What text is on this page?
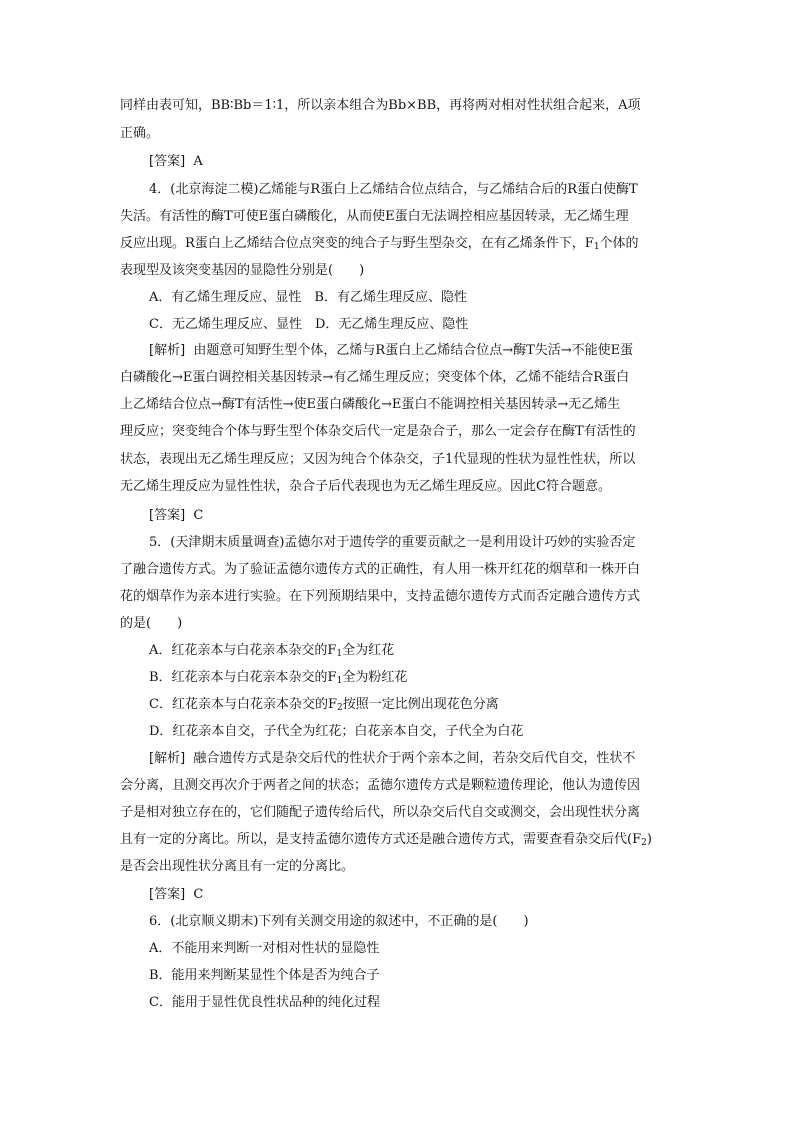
同样由表可知，BB∶Bb＝1∶1，所以亲本组合为Bb×BB，再将两对相对性状组合起来，A项
正确。
[答案] A
4．(北京海淀二模)乙烯能与R蛋白上乙烯结合位点结合，与乙烯结合后的R蛋白使酶T
失活。有活性的酶T可使E蛋白磷酸化，从而使E蛋白无法调控相应基因转录，无乙烯生理
反应出现。R蛋白上乙烯结合位点突变的纯合子与野生型杂交，在有乙烯条件下，$F_1$个体的
表现型及该突变基因的显隐性分别是(　　)
A．有乙烯生理反应、显性　B．有乙烯生理反应、隐性
C．无乙烯生理反应、显性　D．无乙烯生理反应、隐性
[解析] 由题意可知野生型个体，乙烯与R蛋白上乙烯结合位点→酶T失活→不能使E蛋
白磷酸化→E蛋白调控相关基因转录→有乙烯生理反应；突变体个体，乙烯不能结合R蛋白
上乙烯结合位点→酶T有活性→使E蛋白磷酸化→E蛋白不能调控相关基因转录→无乙烯生
理反应；突变纯合个体与野生型个体杂交后代一定是杂合子，那么一定会存在酶T有活性的
状态，表现出无乙烯生理反应；又因为纯合个体杂交，子1代显现的性状为显性性状，所以
无乙烯生理反应为显性性状，杂合子后代表现也为无乙烯生理反应。因此C符合题意。
[答案] C
5．(天津期末质量调查)孟德尔对于遗传学的重要贡献之一是利用设计巧妙的实验否定
了融合遗传方式。为了验证孟德尔遗传方式的正确性，有人用一株开红花的烟草和一株开白
花的烟草作为亲本进行实验。在下列预期结果中，支持孟德尔遗传方式而否定融合遗传方式
的是(　　)
A．红花亲本与白花亲本杂交的$F_1$全为红花
B．红花亲本与白花亲本杂交的$F_1$全为粉红花
C．红花亲本与白花亲本杂交的$F_2$按照一定比例出现花色分离
D．红花亲本自交，子代全为红花；白花亲本自交，子代全为白花
[解析] 融合遗传方式是杂交后代的性状介于两个亲本之间，若杂交后代自交，性状不
会分离，且测交再次介于两者之间的状态；孟德尔遗传方式是颗粒遗传理论，他认为遗传因
子是相对独立存在的，它们随配子遗传给后代，所以杂交后代自交或测交，会出现性状分离
且有一定的分离比。所以，是支持孟德尔遗传方式还是融合遗传方式，需要查看杂交后代$(F_2)$
是否会出现性状分离且有一定的分离比。
[答案] C
6．(北京顺义期末)下列有关测交用途的叙述中，不正确的是(　　)
A．不能用来判断一对相对性状的显隐性
B．能用来判断某显性个体是否为纯合子
C．能用于显性优良性状品种的纯化过程
